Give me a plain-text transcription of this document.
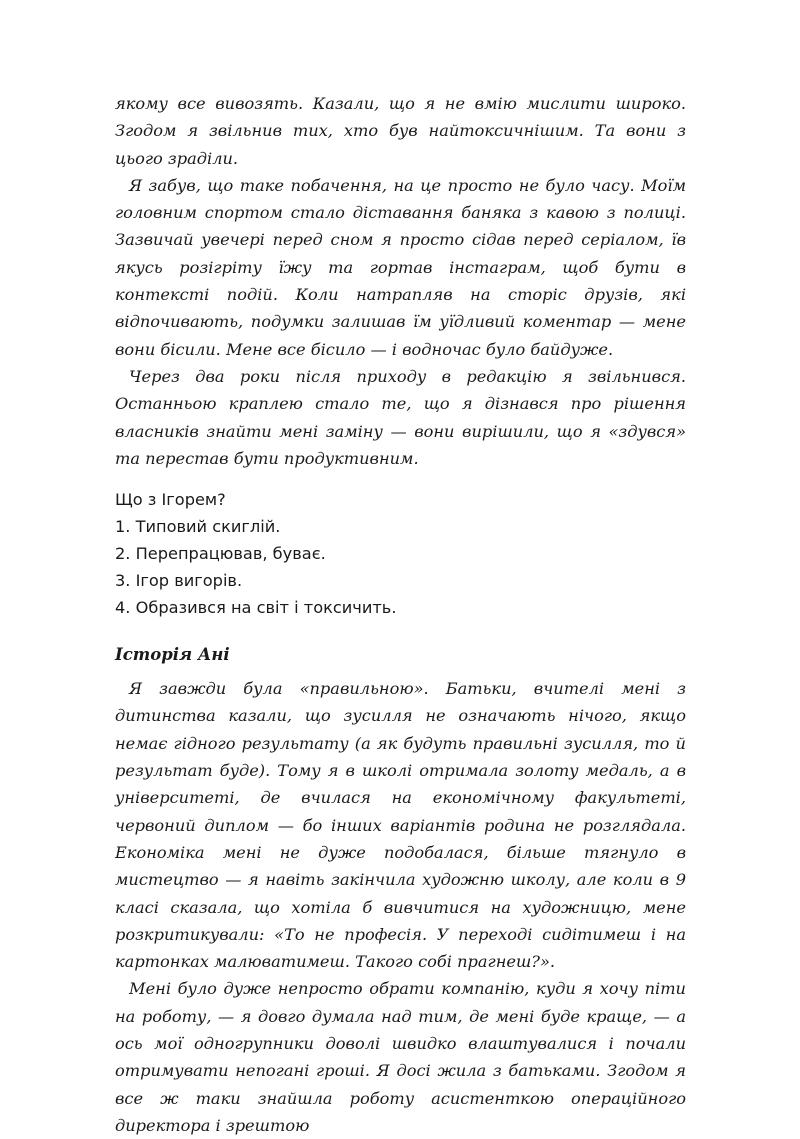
якому все вивозять. Казали, що я не вмію мислити широко. Згодом я звільнив тих, хто був найтоксичнішим. Та вони з цього зраділи.

Я забув, що таке побачення, на це просто не було часу. Моїм головним спортом стало діставання баняка з кавою з полиці. Зазвичай увечері перед сном я просто сідав перед серіалом, їв якусь розігріту їжу та гортав інстаграм, щоб бути в контексті подій. Коли натрапляв на сторіс друзів, які відпочивають, подумки залишав їм уїдливий коментар — мене вони бісили. Мене все бісило — і водночас було байдуже.

Через два роки після приходу в редакцію я звільнився. Останньою краплею стало те, що я дізнався про рішення власників знайти мені заміну — вони вирішили, що я «здувся» та перестав бути продуктивним.

Що з Ігорем?
1. Типовий скиглій.
2. Перепрацював, буває.
3. Ігор вигорів.
4. Образився на світ і токсичить.
Історія Ані

Я завжди була «правильною». Батьки, вчителі мені з дитинства казали, що зусилля не означають нічого, якщо немає гідного результату (а як будуть правильні зусилля, то й результат буде). Тому я в школі отримала золоту медаль, а в університеті, де вчилася на економічному факультеті, червоний диплом — бо інших варіантів родина не розглядала. Економіка мені не дуже подобалася, більше тягнуло в мистецтво — я навіть закінчила художню школу, але коли в 9 класі сказала, що хотіла б вивчитися на художницю, мене розкритикували: «То не професія. У переході сидітимеш і на картонках малюватимеш. Такого собі прагнеш?».

Мені було дуже непросто обрати компанію, куди я хочу піти на роботу, — я довго думала над тим, де мені буде краще, — а ось мої одногрупники доволі швидко влаштувалися і почали отримувати непогані гроші. Я досі жила з батьками. Згодом я все ж таки знайшла роботу асистенткою операційного директора і зрештою
